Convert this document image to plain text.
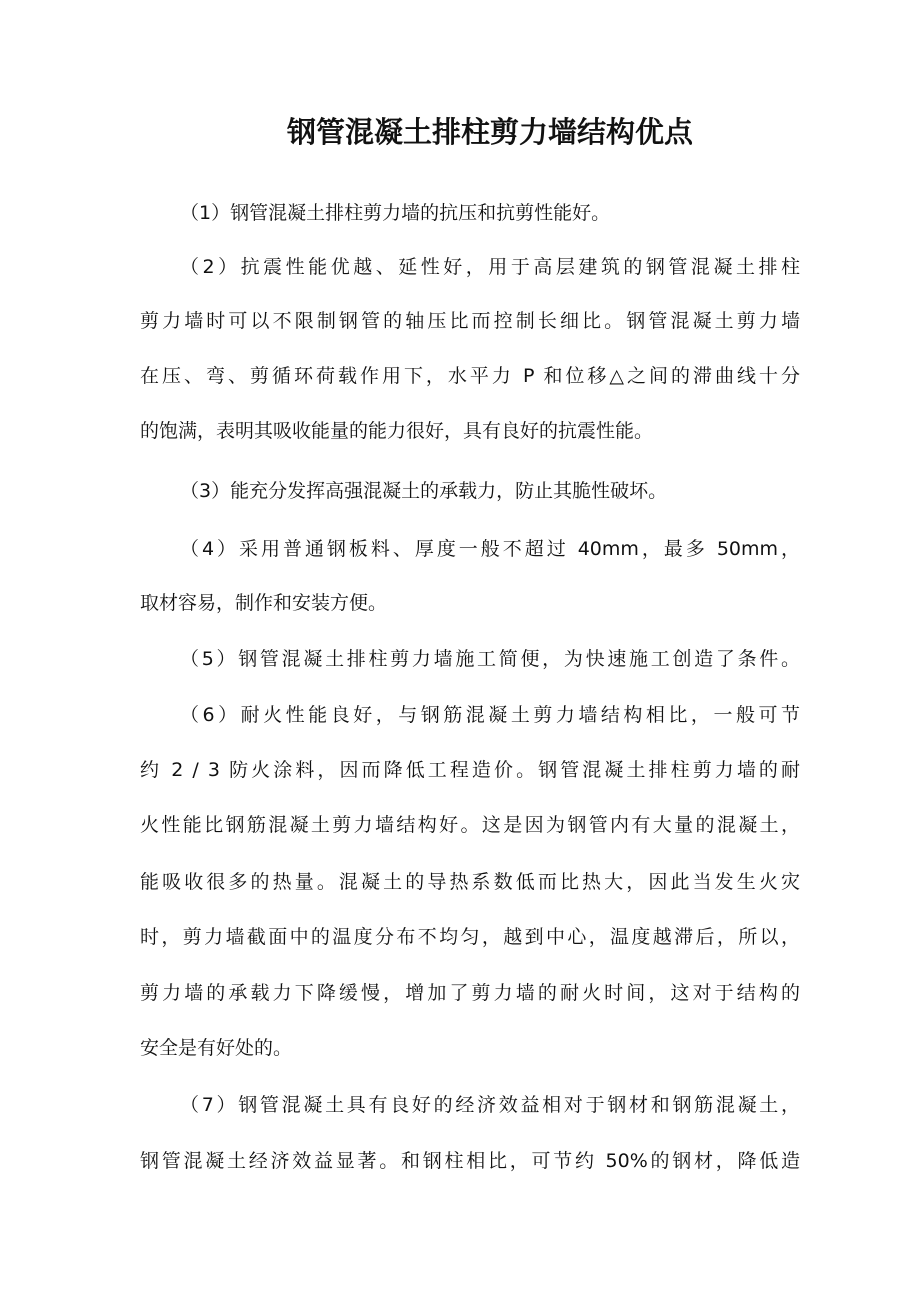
钢管混凝土排柱剪力墙结构优点
（1）钢管混凝土排柱剪力墙的抗压和抗剪性能好。
（2）抗震性能优越、延性好，用于高层建筑的钢管混凝土排柱
剪力墙时可以不限制钢管的轴压比而控制长细比。钢管混凝土剪力墙
在压、弯、剪循环荷载作用下，水平力 P 和位移△之间的滞曲线十分
的饱满，表明其吸收能量的能力很好，具有良好的抗震性能。
（3）能充分发挥高强混凝土的承载力，防止其脆性破坏。
（4）采用普通钢板料、厚度一般不超过 40mm，最多 50mm，
取材容易，制作和安装方便。
（5）钢管混凝土排柱剪力墙施工简便，为快速施工创造了条件。
（6）耐火性能良好，与钢筋混凝土剪力墙结构相比，一般可节
约 2 / 3 防火涂料，因而降低工程造价。钢管混凝土排柱剪力墙的耐
火性能比钢筋混凝土剪力墙结构好。这是因为钢管内有大量的混凝土，
能吸收很多的热量。混凝土的导热系数低而比热大，因此当发生火灾
时，剪力墙截面中的温度分布不均匀，越到中心，温度越滞后，所以，
剪力墙的承载力下降缓慢，增加了剪力墙的耐火时间，这对于结构的
安全是有好处的。
（7）钢管混凝土具有良好的经济效益相对于钢材和钢筋混凝土，
钢管混凝土经济效益显著。和钢柱相比，可节约 50%的钢材，降低造
